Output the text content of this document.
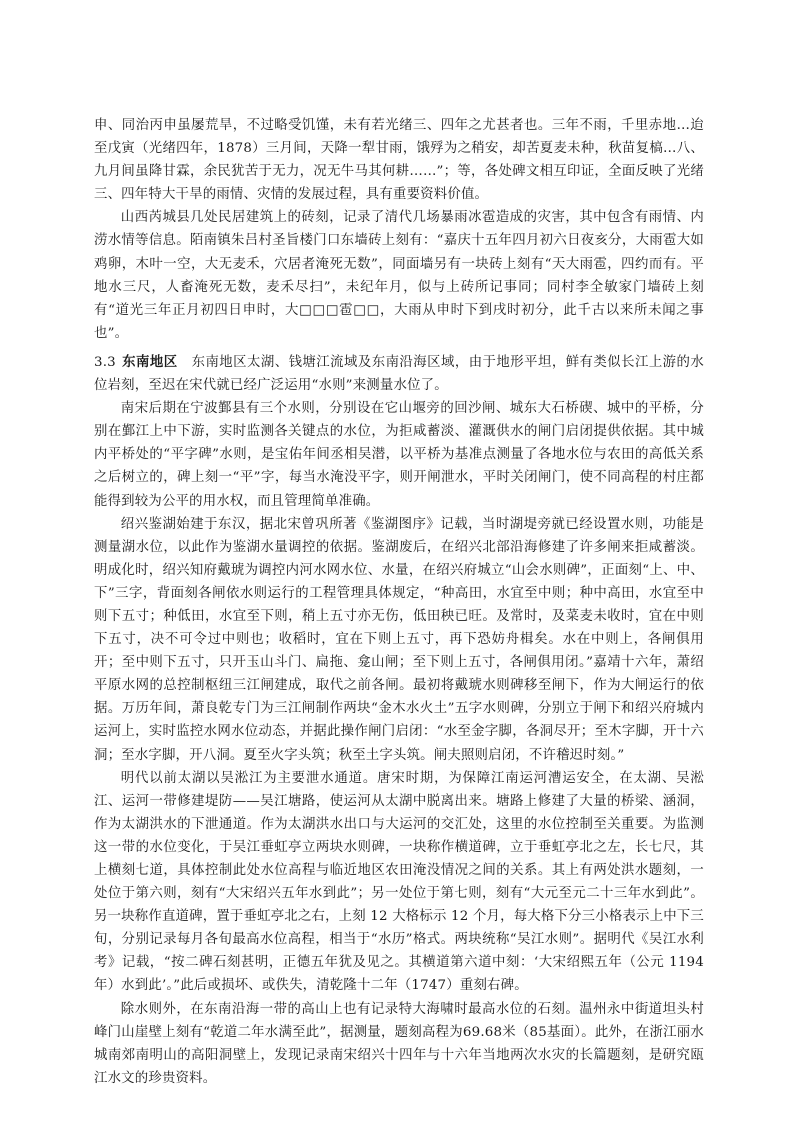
申、同治丙申虽屡荒旱，不过略受饥馑，未有若光绪三、四年之尤甚者也。三年不雨，千里赤地…迨至戊寅（光绪四年，1878）三月间，天降一犁甘雨，饿殍为之稍安，却苦夏麦未种，秋苗复槁…八、九月间虽降甘霖，余民犹苦于无力，况无牛马其何耕……”；等，各处碑文相互印证，全面反映了光绪三、四年特大干旱的雨情、灾情的发展过程，具有重要资料价值。

山西芮城县几处民居建筑上的砖刻，记录了清代几场暴雨冰雹造成的灾害，其中包含有雨情、内涝水情等信息。陌南镇朱吕村圣旨楼门口东墙砖上刻有：“嘉庆十五年四月初六日夜亥分，大雨雹大如鸡卵，木叶一空，大无麦禾，穴居者淹死无数”，同面墙另有一块砖上刻有“天大雨雹，四约而有。平地水三尺，人畜淹死无数，麦禾尽扫”，未纪年月，似与上砖所记事同；同村李全敏家门墙砖上刻有“道光三年正月初四日申时，大□□□雹□□，大雨从申时下到戌时初分，此千古以来所未闻之事也”。

3.3 东南地区 东南地区太湖、钱塘江流域及东南沿海区域，由于地形平坦，鲜有类似长江上游的水位岩刻，至迟在宋代就已经广泛运用“水则”来测量水位了。

南宋后期在宁波鄞县有三个水则，分别设在它山堰旁的回沙闸、城东大石桥碶、城中的平桥，分别在鄞江上中下游，实时监测各关键点的水位，为拒咸蓄淡、灌溉供水的闸门启闭提供依据。其中城内平桥处的“平字碑”水则，是宝佑年间丞相吴潜，以平桥为基准点测量了各地水位与农田的高低关系之后树立的，碑上刻一“平”字，每当水淹没平字，则开闸泄水，平时关闭闸门，使不同高程的村庄都能得到较为公平的用水权，而且管理简单准确。

绍兴鉴湖始建于东汉，据北宋曾巩所著《鉴湖图序》记载，当时湖堤旁就已经设置水则，功能是测量湖水位，以此作为鉴湖水量调控的依据。鉴湖废后，在绍兴北部沿海修建了许多闸来拒咸蓄淡。明成化时，绍兴知府戴琥为调控内河水网水位、水量，在绍兴府城立“山会水则碑”，正面刻“上、中、下”三字，背面刻各闸依水则运行的工程管理具体规定，“种高田，水宜至中则；种中高田，水宜至中则下五寸；种低田，水宜至下则，稍上五寸亦无伤，低田秧已旺。及常时，及菜麦未收时，宜在中则下五寸，决不可令过中则也；收稻时，宜在下则上五寸，再下恐妨舟楫矣。水在中则上，各闸俱用开；至中则下五寸，只开玉山斗门、扁拖、龛山闸；至下则上五寸，各闸俱用闭。”嘉靖十六年，萧绍平原水网的总控制枢纽三江闸建成，取代之前各闸。最初将戴琥水则碑移至闸下，作为大闸运行的依据。万历年间，萧良乾专门为三江闸制作两块“金木水火土”五字水则碑，分别立于闸下和绍兴府城内运河上，实时监控水网水位动态，并据此操作闸门启闭：“水至金字脚，各洞尽开；至木字脚，开十六洞；至水字脚，开八洞。夏至火字头筑；秋至土字头筑。闸夫照则启闭，不许稽迟时刻。”

明代以前太湖以吴淞江为主要泄水通道。唐宋时期，为保障江南运河漕运安全，在太湖、吴淞江、运河一带修建堤防——吴江塘路，使运河从太湖中脱离出来。塘路上修建了大量的桥梁、涵洞，作为太湖洪水的下泄通道。作为太湖洪水出口与大运河的交汇处，这里的水位控制至关重要。为监测这一带的水位变化，于吴江垂虹亭立两块水则碑，一块称作横道碑，立于垂虹亭北之左，长七尺，其上横刻七道，具体控制此处水位高程与临近地区农田淹没情况之间的关系。其上有两处洪水题刻，一处位于第六则，刻有“大宋绍兴五年水到此”；另一处位于第七则，刻有“大元至元二十三年水到此”。另一块称作直道碑，置于垂虹亭北之右，上刻 12 大格标示 12 个月，每大格下分三小格表示上中下三旬，分别记录每月各旬最高水位高程，相当于“水历”格式。两块统称“吴江水则”。据明代《吴江水利考》记载，“按二碑石刻甚明，正德五年犹及见之。其横道第六道中刻：‘大宋绍熙五年（公元 1194 年）水到此’。”此后或损坏、或佚失，清乾隆十二年（1747）重刻右碑。

除水则外，在东南沿海一带的高山上也有记录特大海啸时最高水位的石刻。温州永中街道坦头村峰门山崖壁上刻有“乾道二年水满至此”，据测量，题刻高程为69.68米（85基面）。此外，在浙江丽水城南郊南明山的高阳洞壁上，发现记录南宋绍兴十四年与十六年当地两次水灾的长篇题刻，是研究瓯江水文的珍贵资料。
